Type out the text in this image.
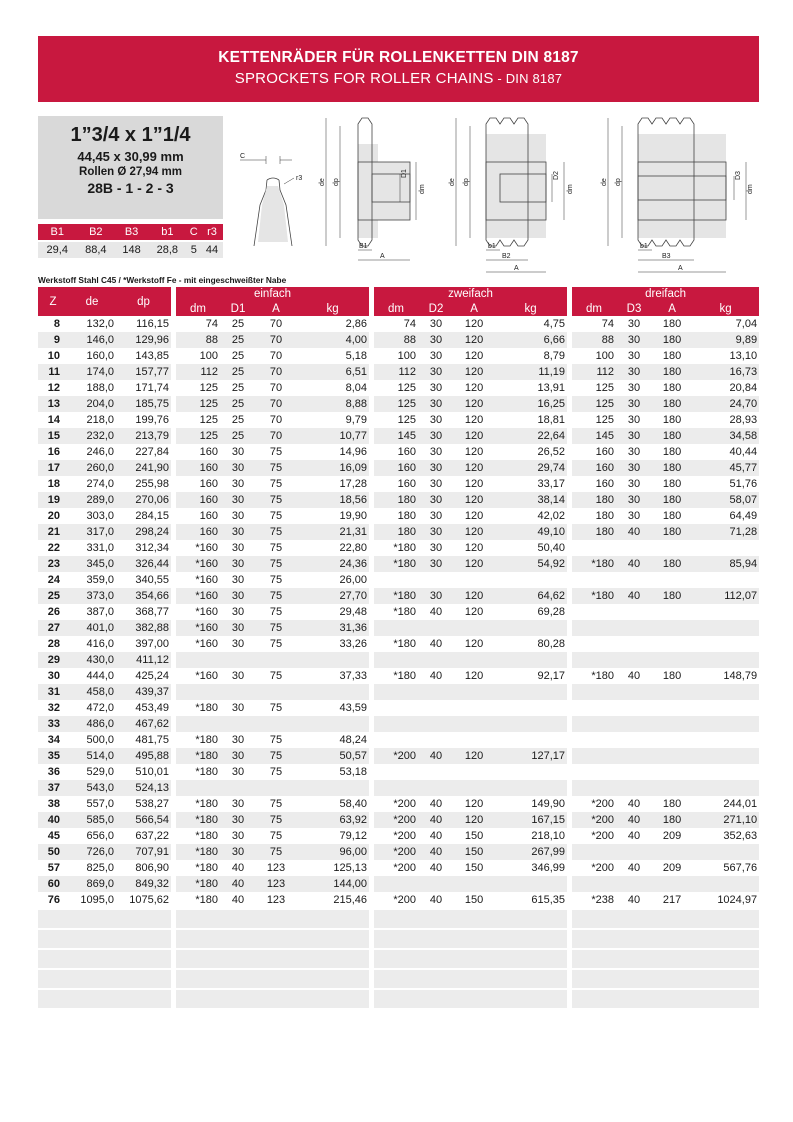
KETTENRÄDER FÜR ROLLENKETTEN DIN 8187
SPROCKETS FOR ROLLER CHAINS - DIN 8187
1”3/4 x 1”1/4
44,45 x 30,99 mm
Rollen Ø 27,94 mm
28B - 1 - 2 - 3
B1	B2	B3	b1	C	r3
29,4	88,4	148	28,8	5	44
C
r3 de dp
dm
D1
B1
A
de dp
dm
D2
b1
B2
A
de dp
dm
D3
b1
B3
A
Werkstoff Stahl C45 / *Werkstoff Fe - mit eingeschweißter Nabe
Z	de	dp		einfach					zweifach					dreifach			
				dm	D1	A	kg		dm	D2	A	kg		dm	D3	A	kg
8	132,0	116,15		74	25	70	2,86		74	30	120	4,75		74	30	180	7,04
9	146,0	129,96		88	25	70	4,00		88	30	120	6,66		88	30	180	9,89
10	160,0	143,85		100	25	70	5,18		100	30	120	8,79		100	30	180	13,10
11	174,0	157,77		112	25	70	6,51		112	30	120	11,19		112	30	180	16,73
12	188,0	171,74		125	25	70	8,04		125	30	120	13,91		125	30	180	20,84
13	204,0	185,75		125	25	70	8,88		125	30	120	16,25		125	30	180	24,70
14	218,0	199,76		125	25	70	9,79		125	30	120	18,81		125	30	180	28,93
15	232,0	213,79		125	25	70	10,77		145	30	120	22,64		145	30	180	34,58
16	246,0	227,84		160	30	75	14,96		160	30	120	26,52		160	30	180	40,44
17	260,0	241,90		160	30	75	16,09		160	30	120	29,74		160	30	180	45,77
18	274,0	255,98		160	30	75	17,28		160	30	120	33,17		160	30	180	51,76
19	289,0	270,06		160	30	75	18,56		180	30	120	38,14		180	30	180	58,07
20	303,0	284,15		160	30	75	19,90		180	30	120	42,02		180	30	180	64,49
21	317,0	298,24		160	30	75	21,31		180	30	120	49,10		180	40	180	71,28
22	331,0	312,34		*160	30	75	22,80		*180	30	120	50,40					
23	345,0	326,44		*160	30	75	24,36		*180	30	120	54,92		*180	40	180	85,94
24	359,0	340,55		*160	30	75	26,00										
25	373,0	354,66		*160	30	75	27,70		*180	30	120	64,62		*180	40	180	112,07
26	387,0	368,77		*160	30	75	29,48		*180	40	120	69,28					
27	401,0	382,88		*160	30	75	31,36										
28	416,0	397,00		*160	30	75	33,26		*180	40	120	80,28					
29	430,0	411,12															
30	444,0	425,24		*160	30	75	37,33		*180	40	120	92,17		*180	40	180	148,79
31	458,0	439,37															
32	472,0	453,49		*180	30	75	43,59										
33	486,0	467,62															
34	500,0	481,75		*180	30	75	48,24										
35	514,0	495,88		*180	30	75	50,57		*200	40	120	127,17					
36	529,0	510,01		*180	30	75	53,18										
37	543,0	524,13															
38	557,0	538,27		*180	30	75	58,40		*200	40	120	149,90		*200	40	180	244,01
40	585,0	566,54		*180	30	75	63,92		*200	40	120	167,15		*200	40	180	271,10
45	656,0	637,22		*180	30	75	79,12		*200	40	150	218,10		*200	40	209	352,63
50	726,0	707,91		*180	30	75	96,00		*200	40	150	267,99					
57	825,0	806,90		*180	40	123	125,13		*200	40	150	346,99		*200	40	209	567,76
60	869,0	849,32		*180	40	123	144,00										
76	1095,0	1075,62		*180	40	123	215,46		*200	40	150	615,35		*238	40	217	1024,97
